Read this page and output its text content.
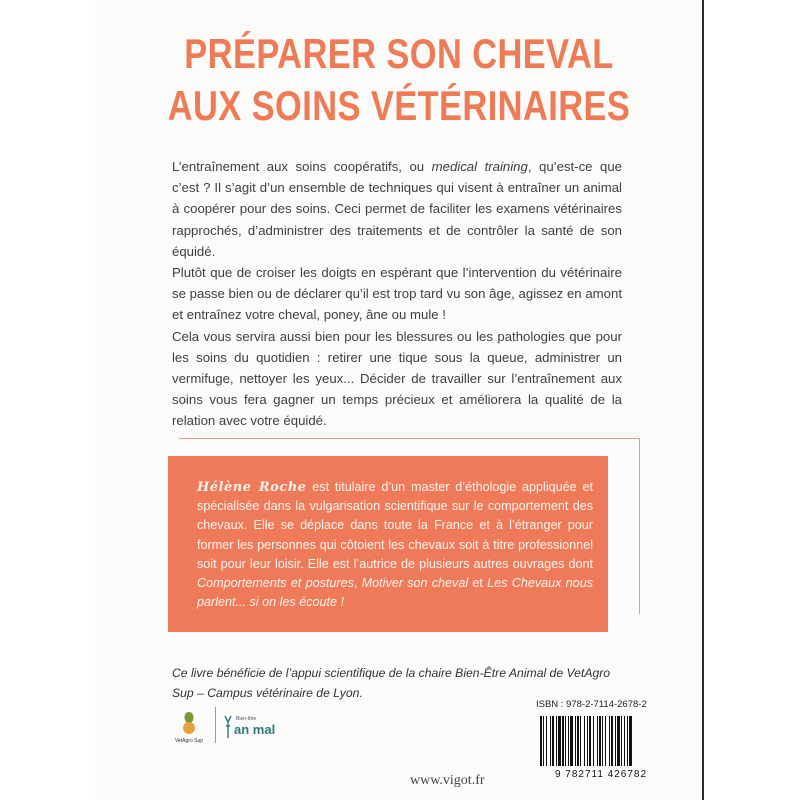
PRÉPARER SON CHEVAL
AUX SOINS VÉTÉRINAIRES

L’entraînement aux soins coopératifs, ou medical training, qu’est-ce que c’est ? Il s’agit d’un ensemble de techniques qui visent à entraîner un animal à coopérer pour des soins. Ceci permet de faciliter les examens vétérinaires rapprochés, d’administrer des traitements et de contrôler la santé de son équidé.

Plutôt que de croiser les doigts en espérant que l’intervention du vétérinaire se passe bien ou de déclarer qu’il est trop tard vu son âge, agissez en amont et entraînez votre cheval, poney, âne ou mule !

Cela vous servira aussi bien pour les blessures ou les pathologies que pour les soins du quotidien : retirer une tique sous la queue, administrer un vermifuge, nettoyer les yeux... Décider de travailler sur l’entraînement aux soins vous fera gagner un temps précieux et améliorera la qualité de la relation avec votre équidé.

Hélène Roche est titulaire d’un master d’éthologie appliquée et spécialisée dans la vulgarisation scientifique sur le comportement des chevaux. Elle se déplace dans toute la France et à l’étranger pour former les personnes qui côtoient les chevaux soit à titre professionnel soit pour leur loisir. Elle est l’autrice de plusieurs autres ouvrages dont Comportements et postures, Motiver son cheval et Les Chevaux nous parlent... si on les écoute !
Ce livre bénéficie de l’appui scientifique de la chaire Bien-Être Animal de VetAgro Sup – Campus vétérinaire de Lyon.
VetAgro Sup
Bien-être
an mal
ISBN : 978-2-7114-2678-2
9 782711 426782
www.vigot.fr
